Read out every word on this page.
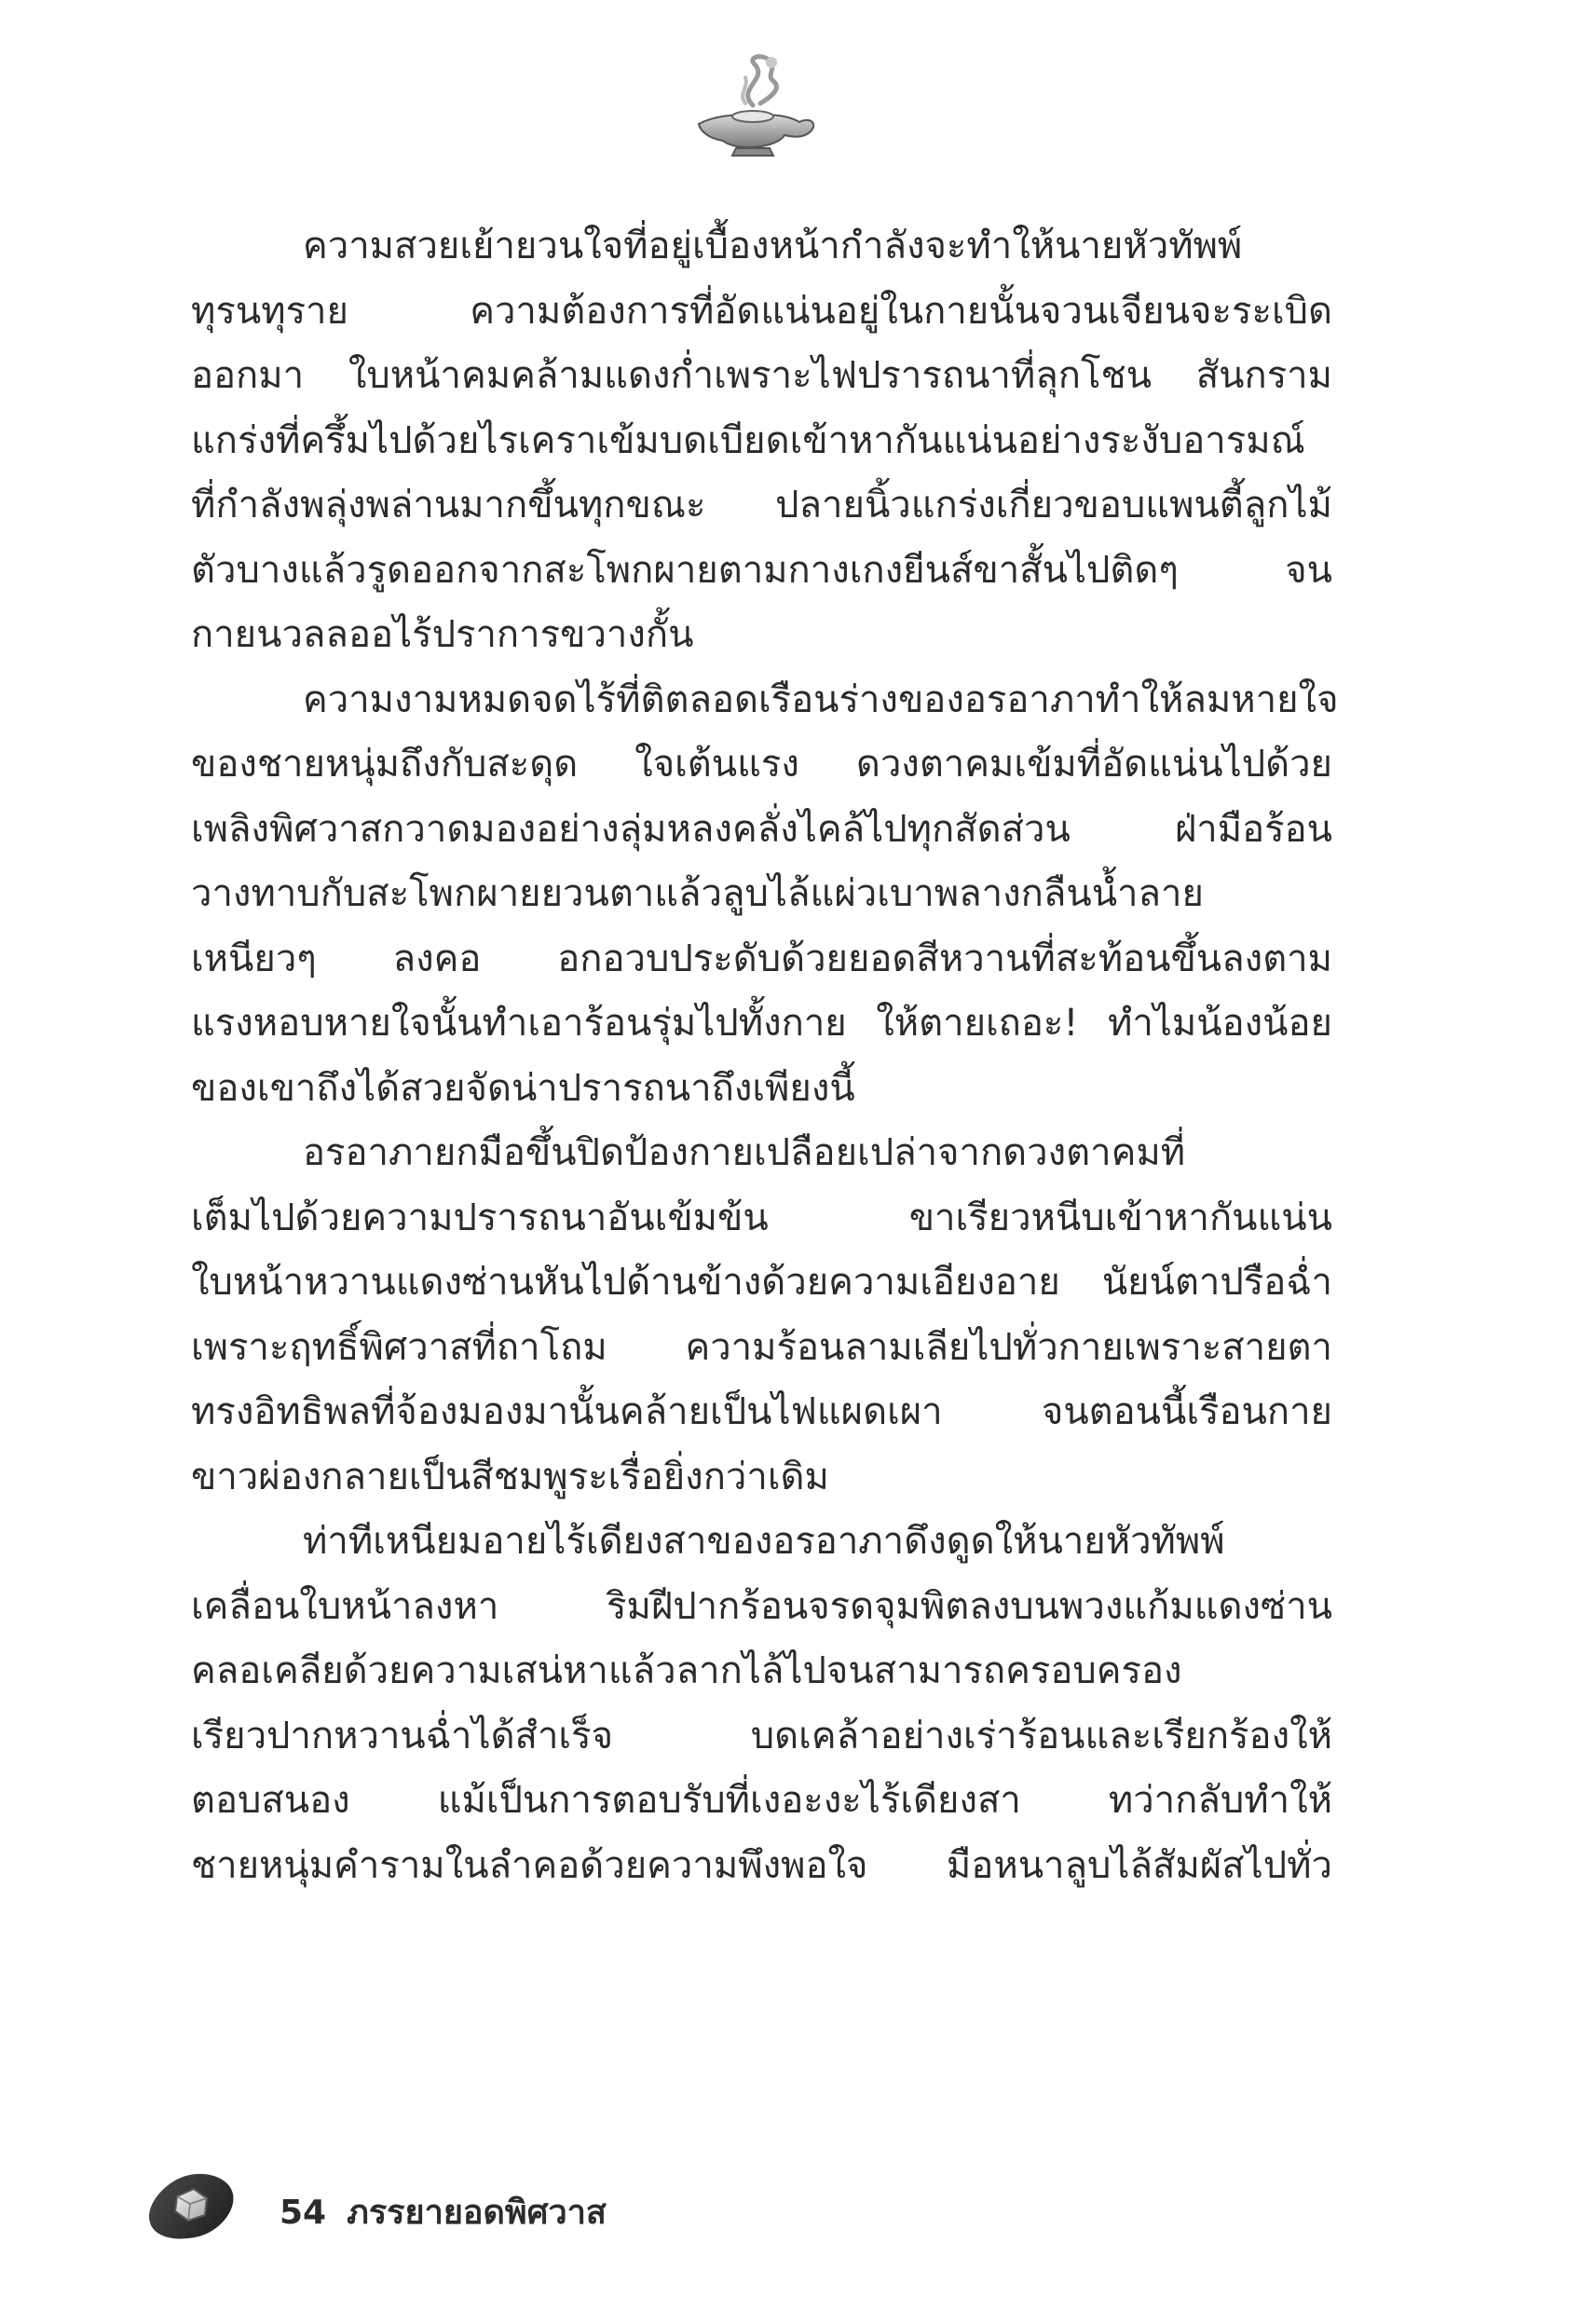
ความสวยเย้ายวนใจที่อยู่เบื้องหน้ากำลังจะทำให้นายหัวทัพพ์
ทุรนทุราย ความต้องการที่อัดแน่นอยู่ในกายนั้นจวนเจียนจะระเบิด
ออกมา ใบหน้าคมคล้ามแดงก่ำเพราะไฟปรารถนาที่ลุกโชน สันกราม
แกร่งที่ครึ้มไปด้วยไรเคราเข้มบดเบียดเข้าหากันแน่นอย่างระงับอารมณ์
ที่กำลังพลุ่งพล่านมากขึ้นทุกขณะ ปลายนิ้วแกร่งเกี่ยวขอบแพนตี้ลูกไม้
ตัวบางแล้วรูดออกจากสะโพกผายตามกางเกงยีนส์ขาสั้นไปติดๆ จน
กายนวลลออไร้ปราการขวางกั้น
ความงามหมดจดไร้ที่ติตลอดเรือนร่างของอรอาภาทำให้ลมหายใจ
ของชายหนุ่มถึงกับสะดุด ใจเต้นแรง ดวงตาคมเข้มที่อัดแน่นไปด้วย
เพลิงพิศวาสกวาดมองอย่างลุ่มหลงคลั่งไคล้ไปทุกสัดส่วน ฝ่ามือร้อน
วางทาบกับสะโพกผายยวนตาแล้วลูบไล้แผ่วเบาพลางกลืนน้ำลาย
เหนียวๆ ลงคอ อกอวบประดับด้วยยอดสีหวานที่สะท้อนขึ้นลงตาม
แรงหอบหายใจนั้นทำเอาร้อนรุ่มไปทั้งกาย ให้ตายเถอะ! ทำไมน้องน้อย
ของเขาถึงได้สวยจัดน่าปรารถนาถึงเพียงนี้
อรอาภายกมือขึ้นปิดป้องกายเปลือยเปล่าจากดวงตาคมที่
เต็มไปด้วยความปรารถนาอันเข้มข้น ขาเรียวหนีบเข้าหากันแน่น
ใบหน้าหวานแดงซ่านหันไปด้านข้างด้วยความเอียงอาย นัยน์ตาปรือฉ่ำ
เพราะฤทธิ์พิศวาสที่ถาโถม ความร้อนลามเลียไปทั่วกายเพราะสายตา
ทรงอิทธิพลที่จ้องมองมานั้นคล้ายเป็นไฟแผดเผา จนตอนนี้เรือนกาย
ขาวผ่องกลายเป็นสีชมพูระเรื่อยิ่งกว่าเดิม
ท่าทีเหนียมอายไร้เดียงสาของอรอาภาดึงดูดให้นายหัวทัพพ์
เคลื่อนใบหน้าลงหา ริมฝีปากร้อนจรดจุมพิตลงบนพวงแก้มแดงซ่าน
คลอเคลียด้วยความเสน่หาแล้วลากไล้ไปจนสามารถครอบครอง
เรียวปากหวานฉ่ำได้สำเร็จ บดเคล้าอย่างเร่าร้อนและเรียกร้องให้
ตอบสนอง แม้เป็นการตอบรับที่เงอะงะไร้เดียงสา ทว่ากลับทำให้
ชายหนุ่มคำรามในลำคอด้วยความพึงพอใจ มือหนาลูบไล้สัมผัสไปทั่ว
54 ภรรยายอดพิศวาส
